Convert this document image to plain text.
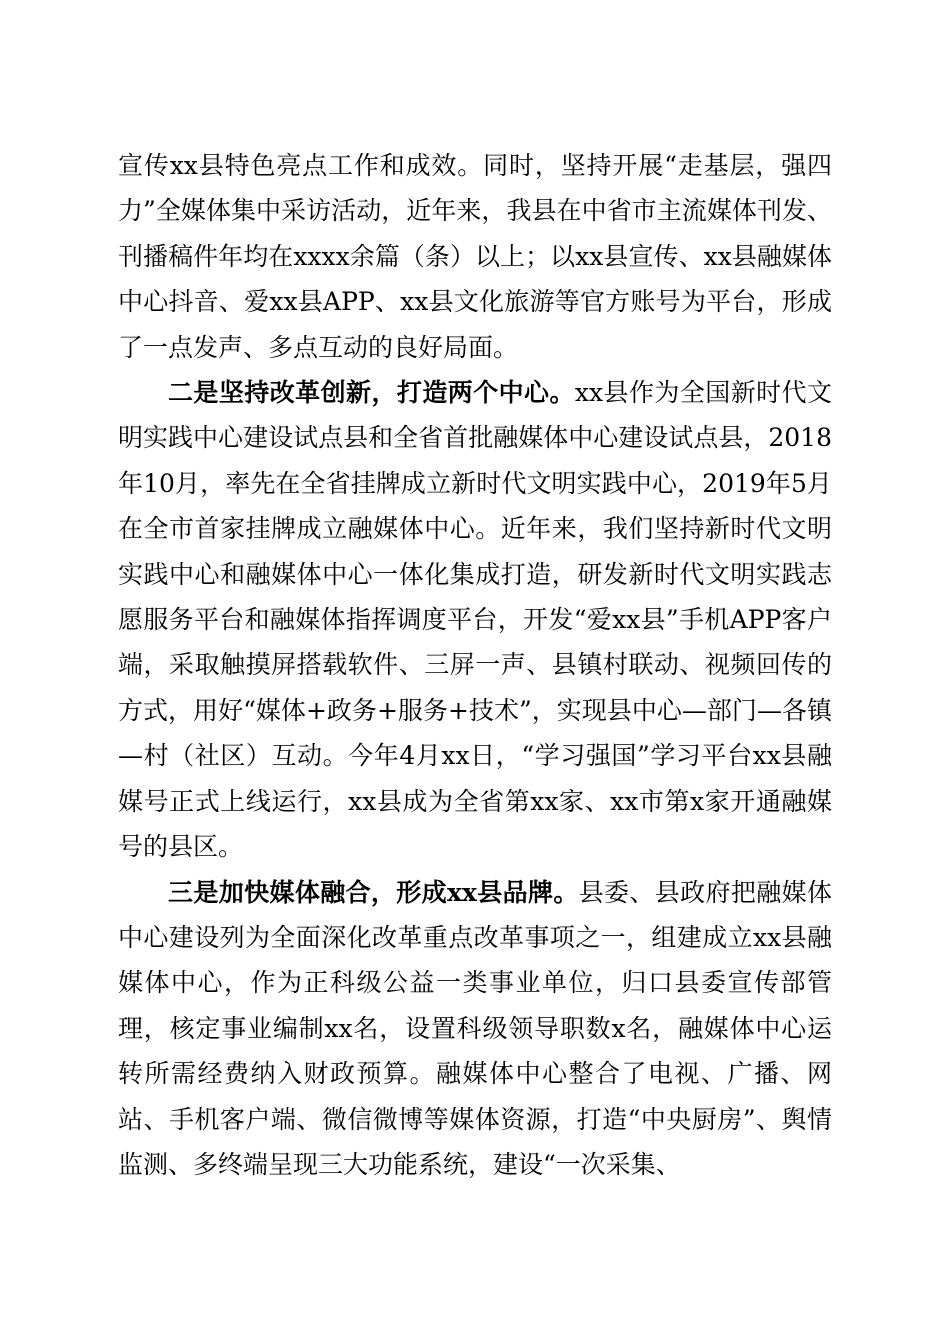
宣传xx县特色亮点工作和成效。同时，坚持开展“走基层，强四力”全媒体集中采访活动，近年来，我县在中省市主流媒体刊发、刊播稿件年均在xxxx余篇（条）以上；以xx县宣传、xx县融媒体中心抖音、爱xx县APP、xx县文化旅游等官方账号为平台，形成了一点发声、多点互动的良好局面。

二是坚持改革创新，打造两个中心。xx县作为全国新时代文明实践中心建设试点县和全省首批融媒体中心建设试点县，2018年10月，率先在全省挂牌成立新时代文明实践中心，2019年5月在全市首家挂牌成立融媒体中心。近年来，我们坚持新时代文明实践中心和融媒体中心一体化集成打造，研发新时代文明实践志愿服务平台和融媒体指挥调度平台，开发“爱xx县”手机APP客户端，采取触摸屏搭载软件、三屏一声、县镇村联动、视频回传的方式，用好“媒体+政务+服务+技术”，实现县中心—部门—各镇—村（社区）互动。今年4月xx日，“学习强国”学习平台xx县融媒号正式上线运行，xx县成为全省第xx家、xx市第x家开通融媒号的县区。

三是加快媒体融合，形成xx县品牌。县委、县政府把融媒体中心建设列为全面深化改革重点改革事项之一，组建成立xx县融媒体中心，作为正科级公益一类事业单位，归口县委宣传部管理，核定事业编制xx名，设置科级领导职数x名，融媒体中心运转所需经费纳入财政预算。融媒体中心整合了电视、广播、网站、手机客户端、微信微博等媒体资源，打造“中央厨房”、舆情监测、多终端呈现三大功能系统，建设“一次采集、
